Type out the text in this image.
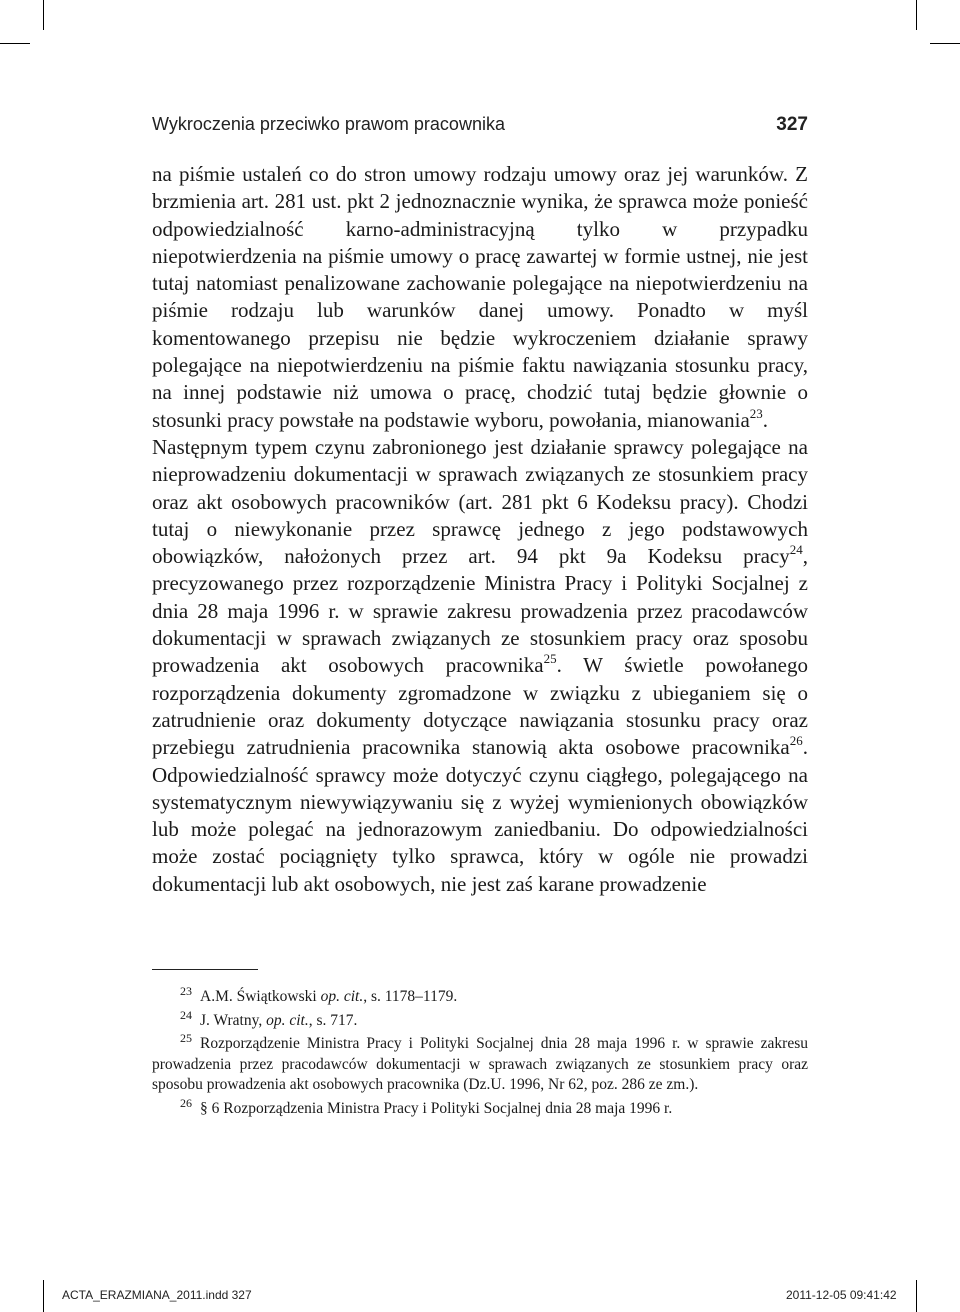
Wykroczenia przeciwko prawom pracownika	327

na piśmie ustaleń co do stron umowy rodzaju umowy oraz jej warunków. Z brzmienia art. 281 ust. pkt 2 jednoznacznie wynika, że sprawca może ponieść odpowiedzialność karno-administracyjną tylko w przypadku niepotwierdzenia na piśmie umowy o pracę zawartej w formie ustnej, nie jest tutaj natomiast penalizowane zachowanie polegające na niepotwierdzeniu na piśmie rodzaju lub warunków danej umowy. Ponadto w myśl komentowanego przepisu nie będzie wykroczeniem działanie sprawy polegające na niepotwierdzeniu na piśmie faktu nawiązania stosunku pracy, na innej podstawie niż umowa o pracę, chodzić tutaj będzie głownie o stosunki pracy powstałe na podstawie wyboru, powołania, mianowania$^{23}$.

Następnym typem czynu zabronionego jest działanie sprawcy polegające na nieprowadzeniu dokumentacji w sprawach związanych ze stosunkiem pracy oraz akt osobowych pracowników (art. 281 pkt 6 Kodeksu pracy). Chodzi tutaj o niewykonanie przez sprawcę jednego z jego podstawowych obowiązków, nałożonych przez art. 94 pkt 9a Kodeksu pracy$^{24}$, precyzowanego przez rozporządzenie Ministra Pracy i Polityki Socjalnej z dnia 28 maja 1996 r. w sprawie zakresu prowadzenia przez pracodawców dokumentacji w sprawach związanych ze stosunkiem pracy oraz sposobu prowadzenia akt osobowych pracownika$^{25}$. W świetle powołanego rozporządzenia dokumenty zgromadzone w związku z ubieganiem się o zatrudnienie oraz dokumenty dotyczące nawiązania stosunku pracy oraz przebiegu zatrudnienia pracownika stanowią akta osobowe pracownika$^{26}$. Odpowiedzialność sprawcy może dotyczyć czynu ciągłego, polegającego na systematycznym niewywiązywaniu się z wyżej wymienionych obowiązków lub może polegać na jednorazowym zaniedbaniu. Do odpowiedzialności może zostać pociągnięty tylko sprawca, który w ogóle nie prowadzi dokumentacji lub akt osobowych, nie jest zaś karane prowadzenie

$^{23}$ A.M. Świątkowski op. cit., s. 1178–1179.

$^{24}$ J. Wratny, op. cit., s. 717.

$^{25}$ Rozporządzenie Ministra Pracy i Polityki Socjalnej dnia 28 maja 1996 r. w sprawie zakresu prowadzenia przez pracodawców dokumentacji w sprawach związanych ze stosunkiem pracy oraz sposobu prowadzenia akt osobowych pracownika (Dz.U. 1996, Nr 62, poz. 286 ze zm.).

$^{26}$ § 6 Rozporządzenia Ministra Pracy i Polityki Socjalnej dnia 28 maja 1996 r.

ACTA_ERAZMIANA_2011.indd 327	2011-12-05 09:41:42
